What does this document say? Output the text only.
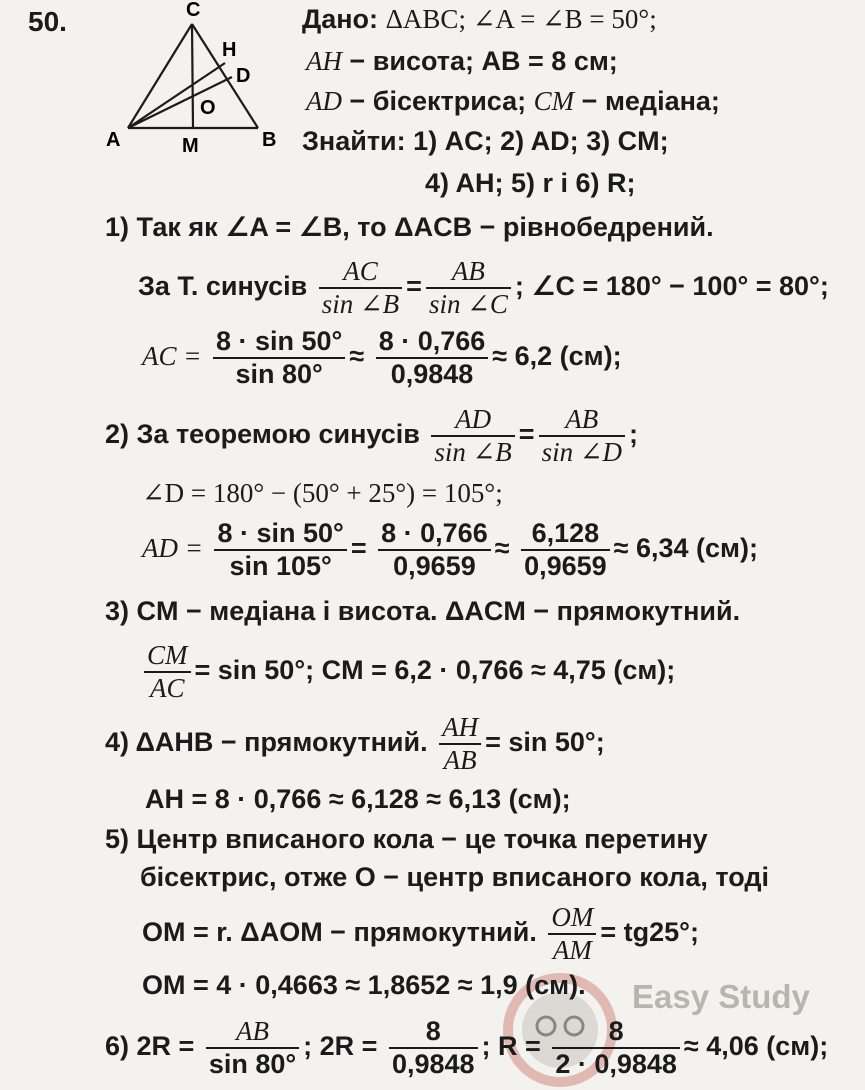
50.	C
H
D
O
A	M	B
Дано: ΔABC; ∠A = ∠B = 50°;
AH − висота; AB = 8 см;
AD − бісектриса; CM − медіана;
Знайти: 1) AC; 2) AD; 3) CM;
4) AH; 5) r і 6) R;
1) Так як ∠A = ∠B, то ΔACB − рівнобедрений.
За Т. синусів $\frac{AC}{\sin \angle B} = \frac{AB}{\sin \angle C}$ ; ∠C = 180° − 100° = 80°;
AC = $\frac{8 \cdot \sin 50^\circ}{\sin 80^\circ} \approx \frac{8 \cdot 0,766}{0,9848} \approx 6,2$ (см);
2) За теоремою синусів $\frac{AD}{\sin \angle B} = \frac{AB}{\sin \angle D}$ ;
∠D = 180° − (50° + 25°) = 105°;
AD = $\frac{8 \cdot \sin 50^\circ}{\sin 105^\circ} = \frac{8 \cdot 0,766}{0,9659} \approx \frac{6,128}{0,9659} \approx 6,34$ (см);
3) CM − медіана і висота. ΔACM − прямокутний.
$\frac{CM}{AC} = \sin 50^\circ$; CM = 6,2 · 0,766 ≈ 4,75 (см);
4) ΔAHB − прямокутний. $\frac{AH}{AB} = \sin 50^\circ$;
AH = 8 · 0,766 ≈ 6,128 ≈ 6,13 (см);
5) Центр вписаного кола − це точка перетину
бісектрис, отже O − центр вписаного кола, тоді
OM = r. ΔAOM − прямокутний. $\frac{OM}{AM} = tg25^\circ$;
Easy Study
OM = 4 · 0,4663 ≈ 1,8652 ≈ 1,9 (см).
6) $2R = \frac{AB}{\sin 80^\circ}$ ; $2R = \frac{8}{0,9848}$ ; $R = \frac{8}{2 \cdot 0,9848} \approx 4,06$ (см);
